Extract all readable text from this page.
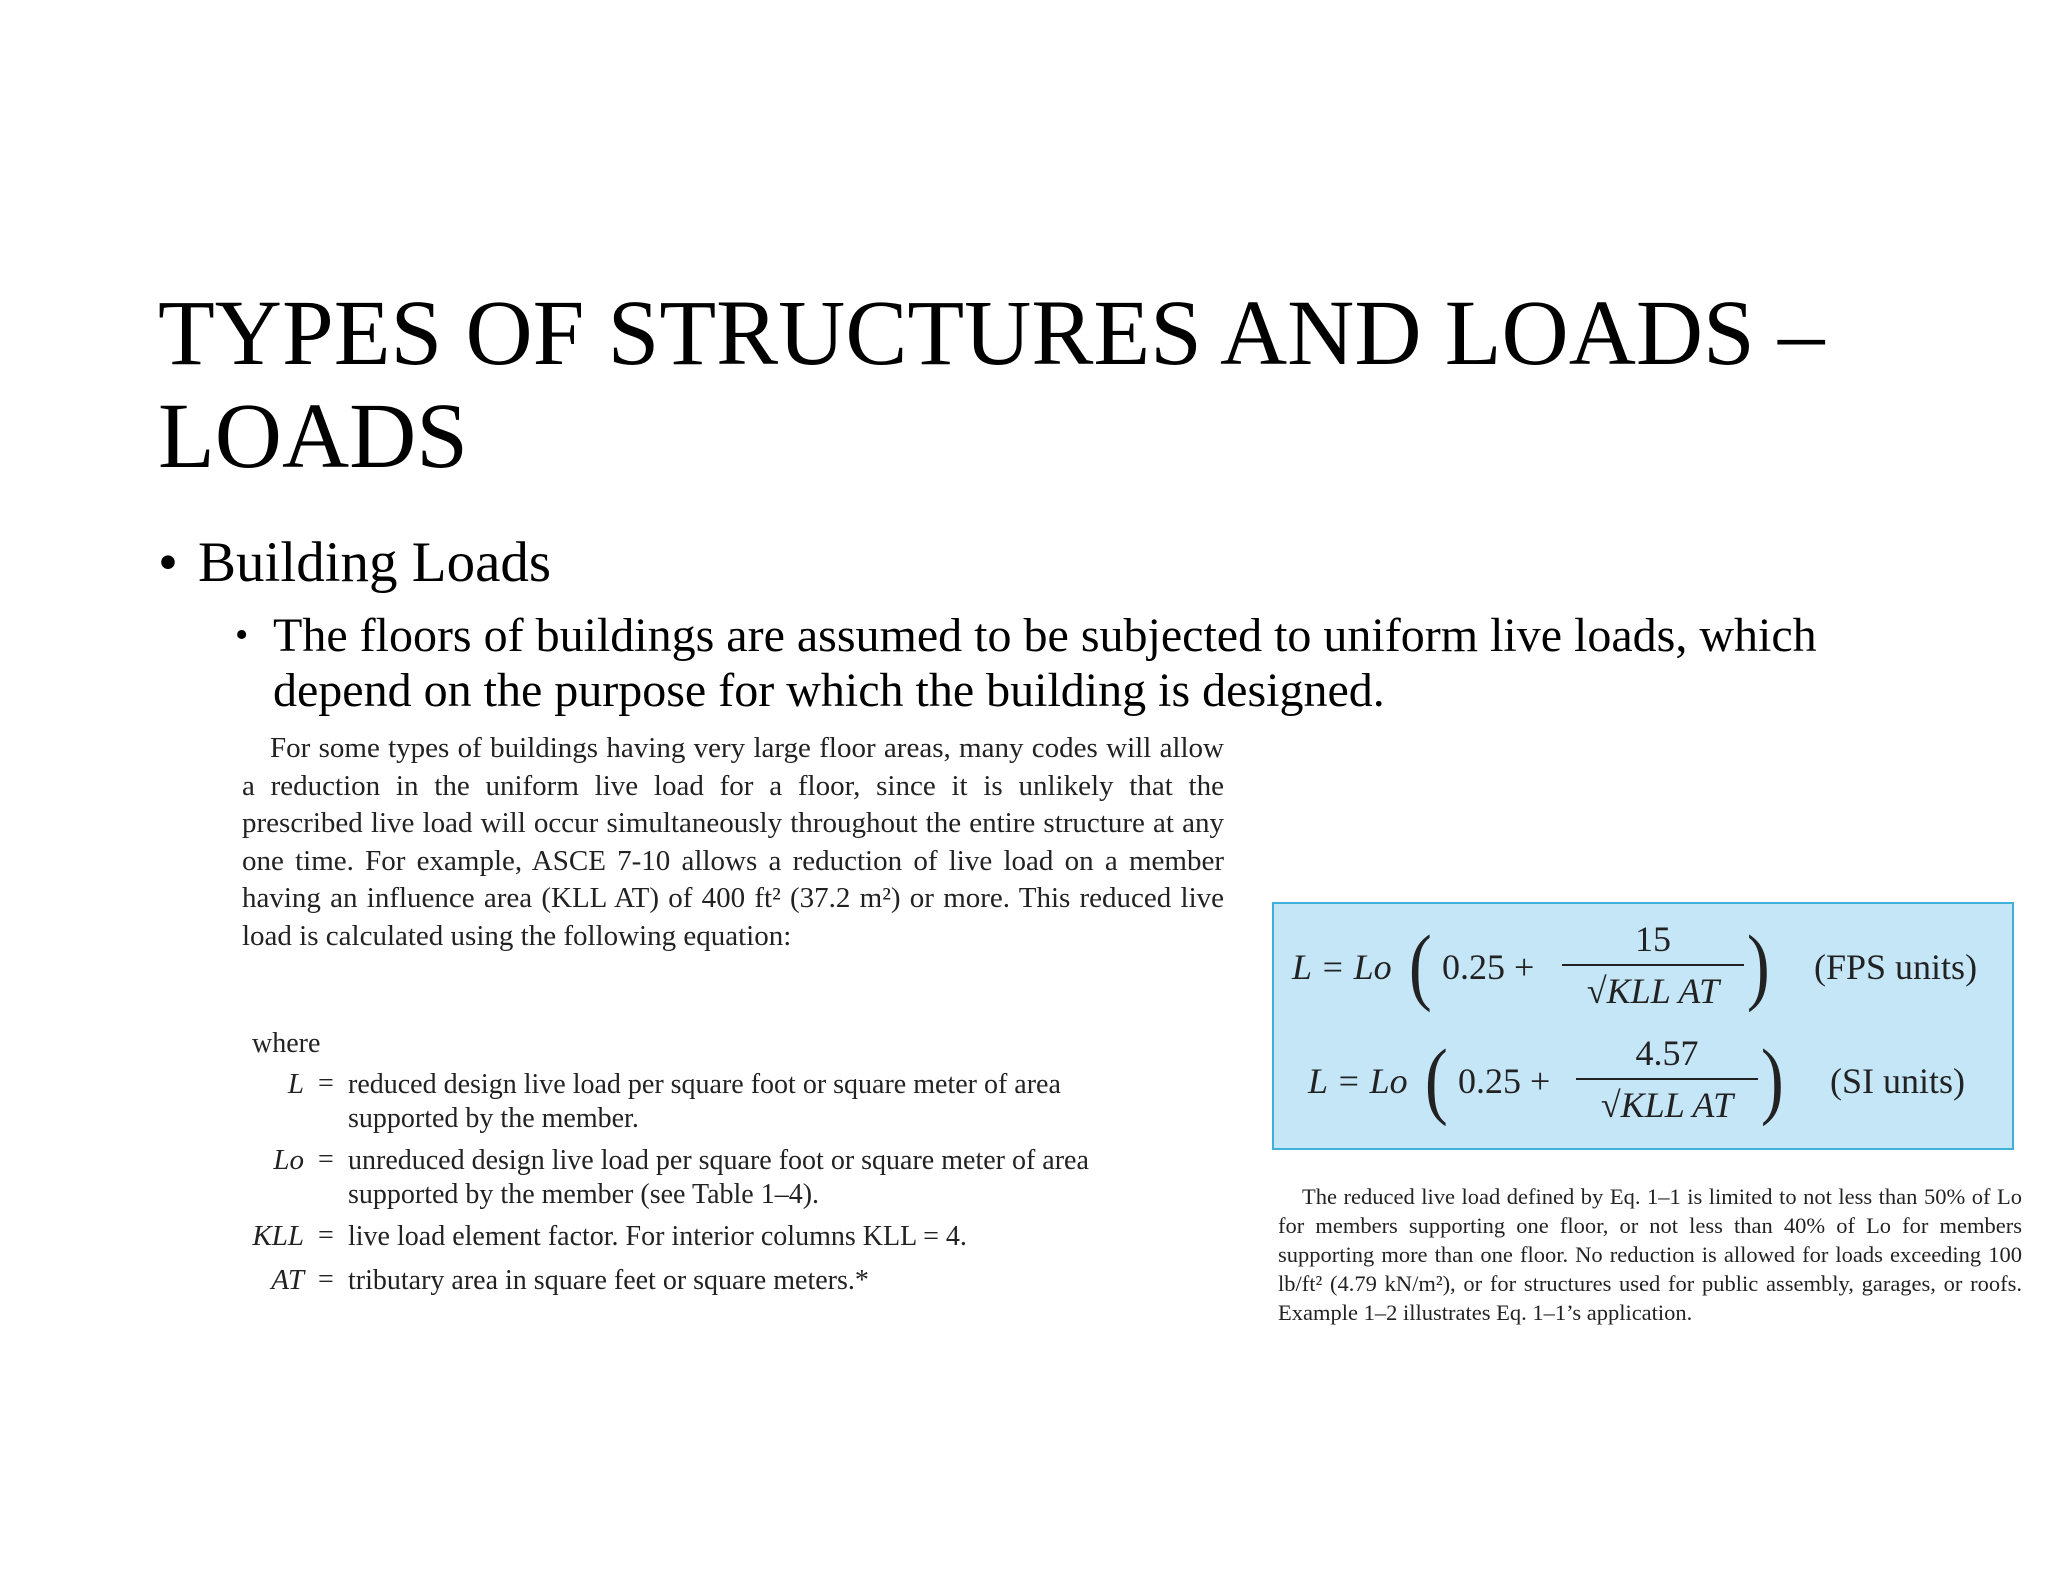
TYPES OF STRUCTURES AND LOADS – LOADS
• Building Loads
• The floors of buildings are assumed to be subjected to uniform live loads, which depend on the purpose for which the building is designed.

For some types of buildings having very large floor areas, many codes will allow a reduction in the uniform live load for a floor, since it is unlikely that the prescribed live load will occur simultaneously throughout the entire structure at any one time. For example, ASCE 7-10 allows a reduction of live load on a member having an influence area (KLL AT) of 400 ft² (37.2 m²) or more. This reduced live load is calculated using the following equation:

where
L = reduced design live load per square foot or square meter of area supported by the member.
Lo = unreduced design live load per square foot or square meter of area supported by the member (see Table 1–4).
KLL = live load element factor. For interior columns KLL = 4.
AT = tributary area in square feet or square meters.*
L = Lo ( 0.25 +
15
√KLL AT ) (FPS units)
L = Lo ( 0.25 +
4.57
√KLL AT ) (SI units)

The reduced live load defined by Eq. 1–1 is limited to not less than 50% of Lo for members supporting one floor, or not less than 40% of Lo for members supporting more than one floor. No reduction is allowed for loads exceeding 100 lb/ft² (4.79 kN/m²), or for structures used for public assembly, garages, or roofs. Example 1–2 illustrates Eq. 1–1’s application.
